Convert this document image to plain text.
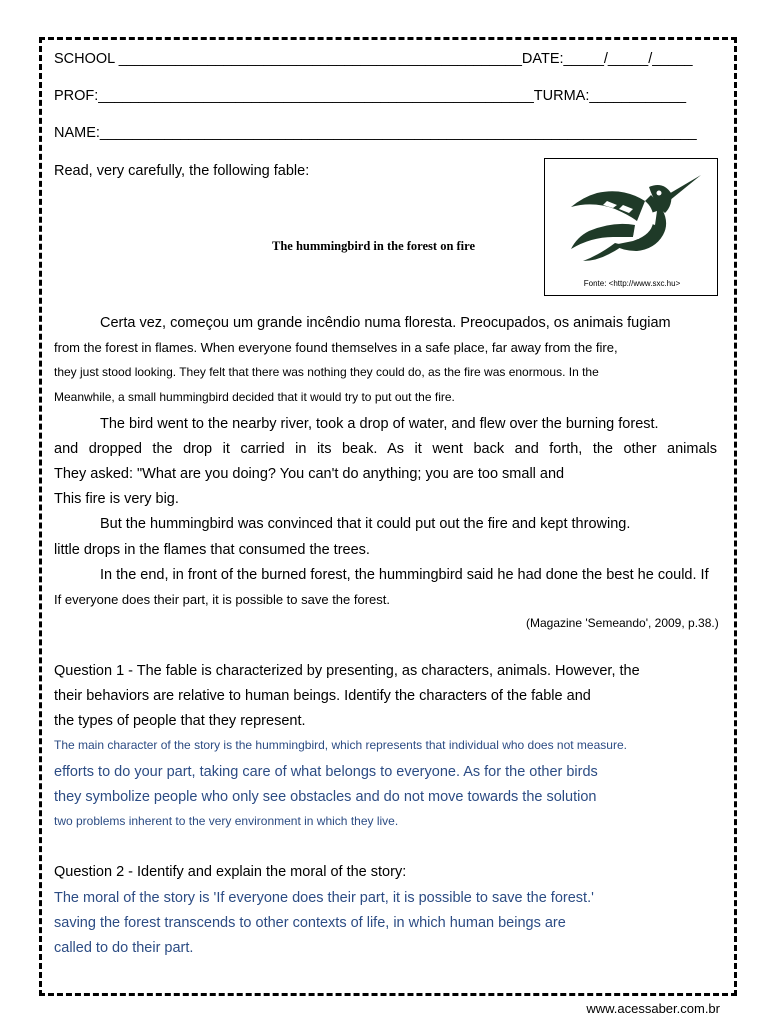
SCHOOL __________________________________________________DATE:_____/_____/_____
PROF:______________________________________________________TURMA:____________
NAME:__________________________________________________________________________
Read, very carefully, the following fable:
The hummingbird in the forest on fire
Fonte: <http://www.sxc.hu>
Certa vez, começou um grande incêndio numa floresta. Preocupados, os animais fugiam
from the forest in flames. When everyone found themselves in a safe place, far away from the fire,
they just stood looking. They felt that there was nothing they could do, as the fire was enormous. In the
Meanwhile, a small hummingbird decided that it would try to put out the fire.
The bird went to the nearby river, took a drop of water, and flew over the burning forest.
and dropped the drop it carried in its beak. As it went back and forth, the other animals
They asked: "What are you doing? You can't do anything; you are too small and
This fire is very big.
But the hummingbird was convinced that it could put out the fire and kept throwing.
little drops in the flames that consumed the trees.
In the end, in front of the burned forest, the hummingbird said he had done the best he could. If
If everyone does their part, it is possible to save the forest.
(Magazine 'Semeando', 2009, p.38.)
Question 1 - The fable is characterized by presenting, as characters, animals. However, the
their behaviors are relative to human beings. Identify the characters of the fable and
the types of people that they represent.
The main character of the story is the hummingbird, which represents that individual who does not measure.
efforts to do your part, taking care of what belongs to everyone. As for the other birds
they symbolize people who only see obstacles and do not move towards the solution
two problems inherent to the very environment in which they live.
Question 2 - Identify and explain the moral of the story:
The moral of the story is 'If everyone does their part, it is possible to save the forest.'
saving the forest transcends to other contexts of life, in which human beings are
called to do their part.
www.acessaber.com.br
